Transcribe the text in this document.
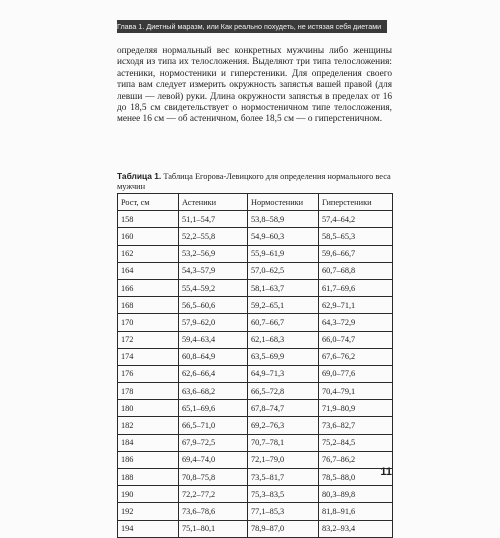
Глава 1. Диетный маразм, или Как реально похудеть, не истязая себя диетами

определяя нормальный вес конкретных мужчины либо женщины исходя из типа их телосложения. Выделяют три типа телосложения: астеники, нормостеники и гиперстеники. Для определения своего типа вам следует измерить окружность запястья вашей правой (для левши — левой) руки. Длина окружности запястья в пределах от 16 до 18,5 см свидетельствует о нормостеничном типе телосложения, менее 16 см — об астеничном, более 18,5 см — о гиперстеничном.

Таблица 1. Таблица Егорова-Левицкого для определения нормального веса мужчин

Рост, см	Астеники	Нормостеники	Гиперстеники
158	51,1–54,7	53,8–58,9	57,4–64,2
160	52,2–55,8	54,9–60,3	58,5–65,3
162	53,2–56,9	55,9–61,9	59,6–66,7
164	54,3–57,9	57,0–62,5	60,7–68,8
166	55,4–59,2	58,1–63,7	61,7–69,6
168	56,5–60,6	59,2–65,1	62,9–71,1
170	57,9–62,0	60,7–66,7	64,3–72,9
172	59,4–63,4	62,1–68,3	66,0–74,7
174	60,8–64,9	63,5–69,9	67,6–76,2
176	62,6–66,4	64,9–71,3	69,0–77,6
178	63,6–68,2	66,5–72,8	70,4–79,1
180	65,1–69,6	67,8–74,7	71,9–80,9
182	66,5–71,0	69,2–76,3	73,6–82,7
184	67,9–72,5	70,7–78,1	75,2–84,5
186	69,4–74,0	72,1–79,0	76,7–86,2
188	70,8–75,8	73,5–81,7	78,5–88,0
190	72,2–77,2	75,3–83,5	80,3–89,8
192	73,6–78,6	77,1–85,3	81,8–91,6
194	75,1–80,1	78,9–87,0	83,2–93,4
11
